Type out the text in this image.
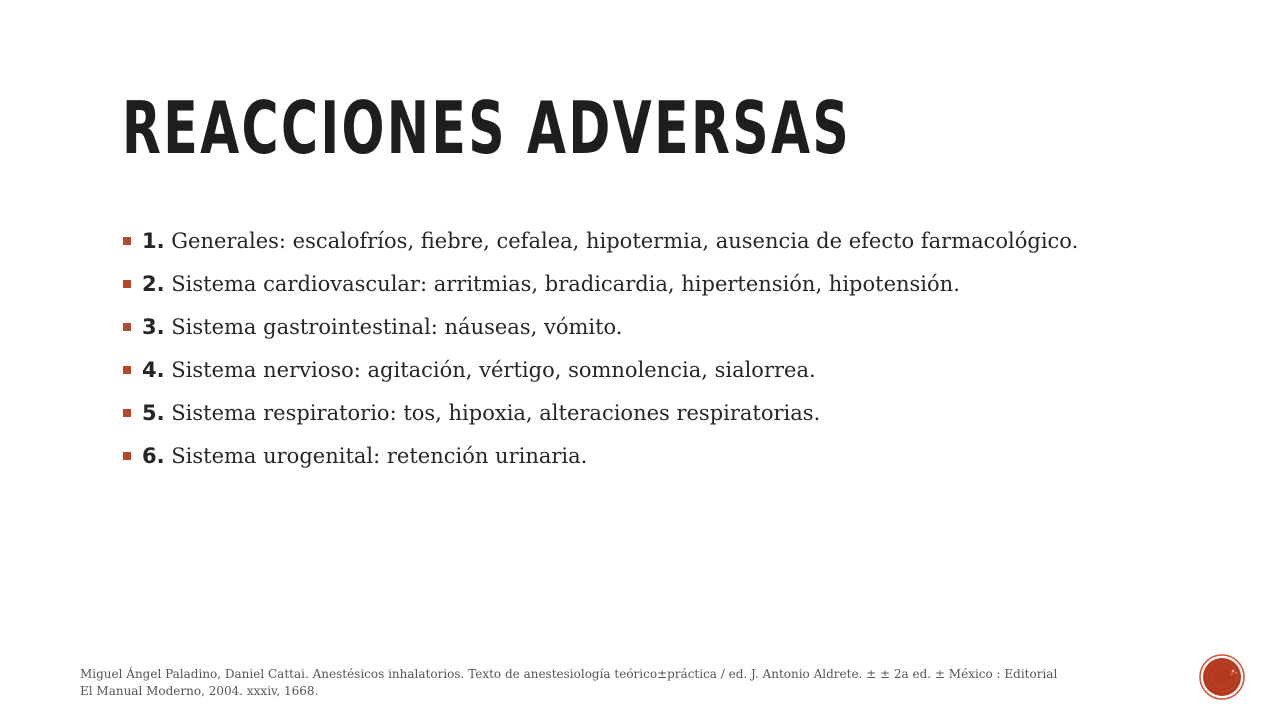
REACCIONES ADVERSAS
1. Generales: escalofríos, fiebre, cefalea, hipotermia, ausencia de efecto farmacológico.
2. Sistema cardiovascular: arritmias, bradicardia, hipertensión, hipotensión.
3. Sistema gastrointestinal: náuseas, vómito.
4. Sistema nervioso: agitación, vértigo, somnolencia, sialorrea.
5. Sistema respiratorio: tos, hipoxia, alteraciones respiratorias.
6. Sistema urogenital: retención urinaria.

Miguel Ángel Paladino, Daniel Cattai. Anestésicos inhalatorios. Texto de anestesiología teórico±práctica / ed. J. Antonio Aldrete. ± ± 2a ed. ± México : Editorial El Manual Moderno, 2004. xxxiv, 1668.
